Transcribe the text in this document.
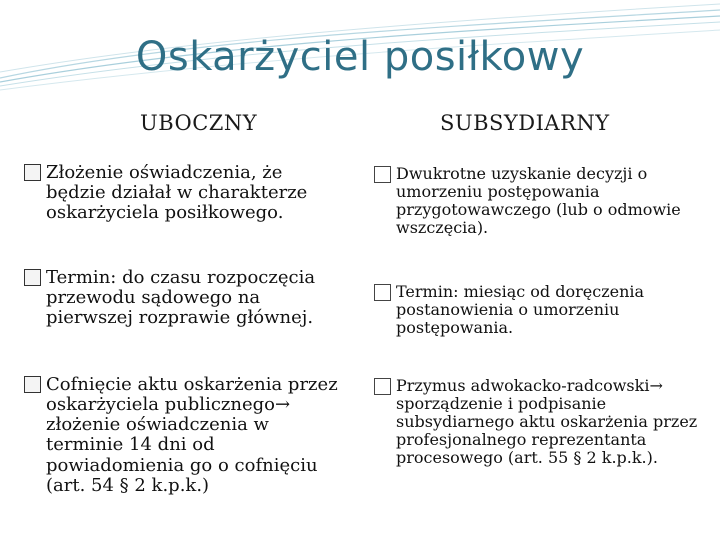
Oskarżyciel posiłkowy
UBOCZNY	SUBSYDIARNY
Złożenie oświadczenia, że będzie działał w charakterze oskarżyciela posiłkowego.
Termin: do czasu rozpoczęcia przewodu sądowego na pierwszej rozprawie głównej.
Cofnięcie aktu oskarżenia przez oskarżyciela publicznego→ złożenie oświadczenia w terminie 14 dni od powiadomienia go o cofnięciu (art. 54 § 2 k.p.k.)
Dwukrotne uzyskanie decyzji o umorzeniu postępowania przygotowawczego (lub o odmowie wszczęcia).
Termin: miesiąc od doręczenia postanowienia o umorzeniu postępowania.
Przymus adwokacko-radcowski→ sporządzenie i podpisanie subsydiarnego aktu oskarżenia przez profesjonalnego reprezentanta procesowego (art. 55 § 2 k.p.k.).
